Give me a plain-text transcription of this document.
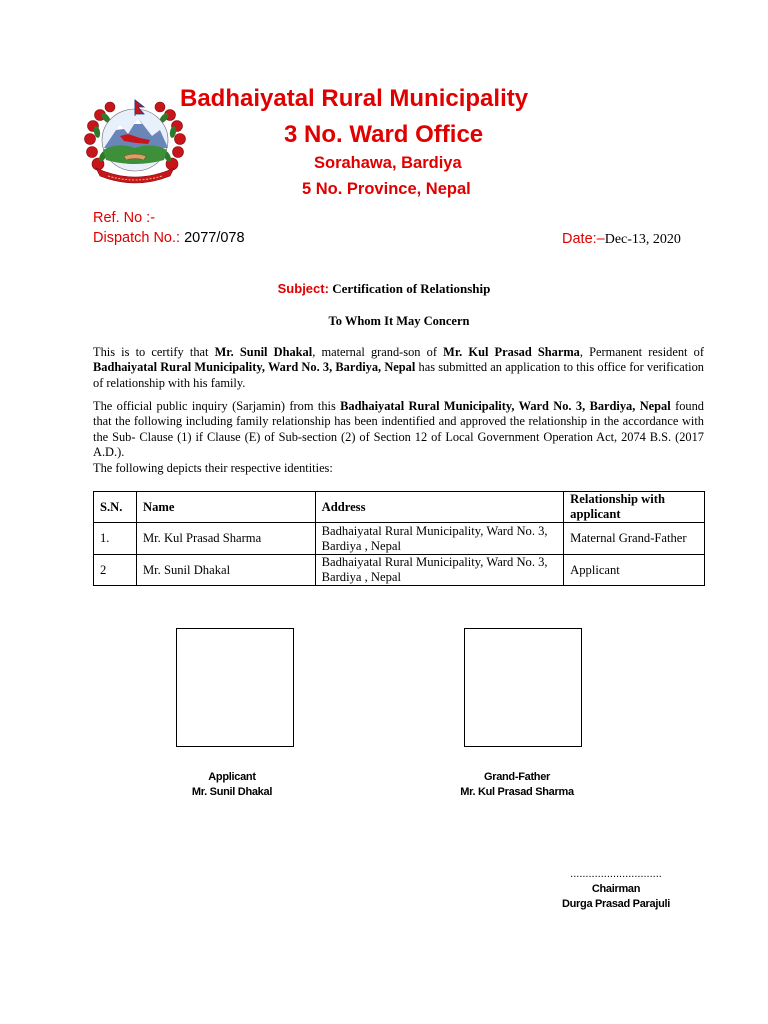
Badhaiyatal Rural Municipality
3 No. Ward Office
Sorahawa, Bardiya
5 No. Province, Nepal
Ref. No :-
Dispatch No.: 2077/078	Date:–Dec-13, 2020
Subject: Certification of Relationship
To Whom It May Concern
This is to certify that Mr. Sunil Dhakal, maternal grand-son of Mr. Kul Prasad Sharma, Permanent resident of Badhaiyatal Rural Municipality, Ward No. 3, Bardiya, Nepal has submitted an application to this office for verification of relationship with his family.
The official public inquiry (Sarjamin) from this Badhaiyatal Rural Municipality, Ward No. 3, Bardiya, Nepal found that the following including family relationship has been indentified and approved the relationship in the accordance with the Sub- Clause (1) if Clause (E) of Sub-section (2) of Section 12 of Local Government Operation Act, 2074 B.S. (2017 A.D.).

The following depicts their respective identities:
S.N.	Name	Address	Relationship with applicant
1.	Mr. Kul Prasad Sharma	Badhaiyatal Rural Municipality, Ward No. 3, Bardiya , Nepal	Maternal Grand-Father
2	Mr. Sunil Dhakal	Badhaiyatal Rural Municipality, Ward No. 3, Bardiya , Nepal	Applicant
Applicant
Mr. Sunil Dhakal
Grand-Father
Mr. Kul Prasad Sharma
..............................
Chairman
Durga Prasad Parajuli
